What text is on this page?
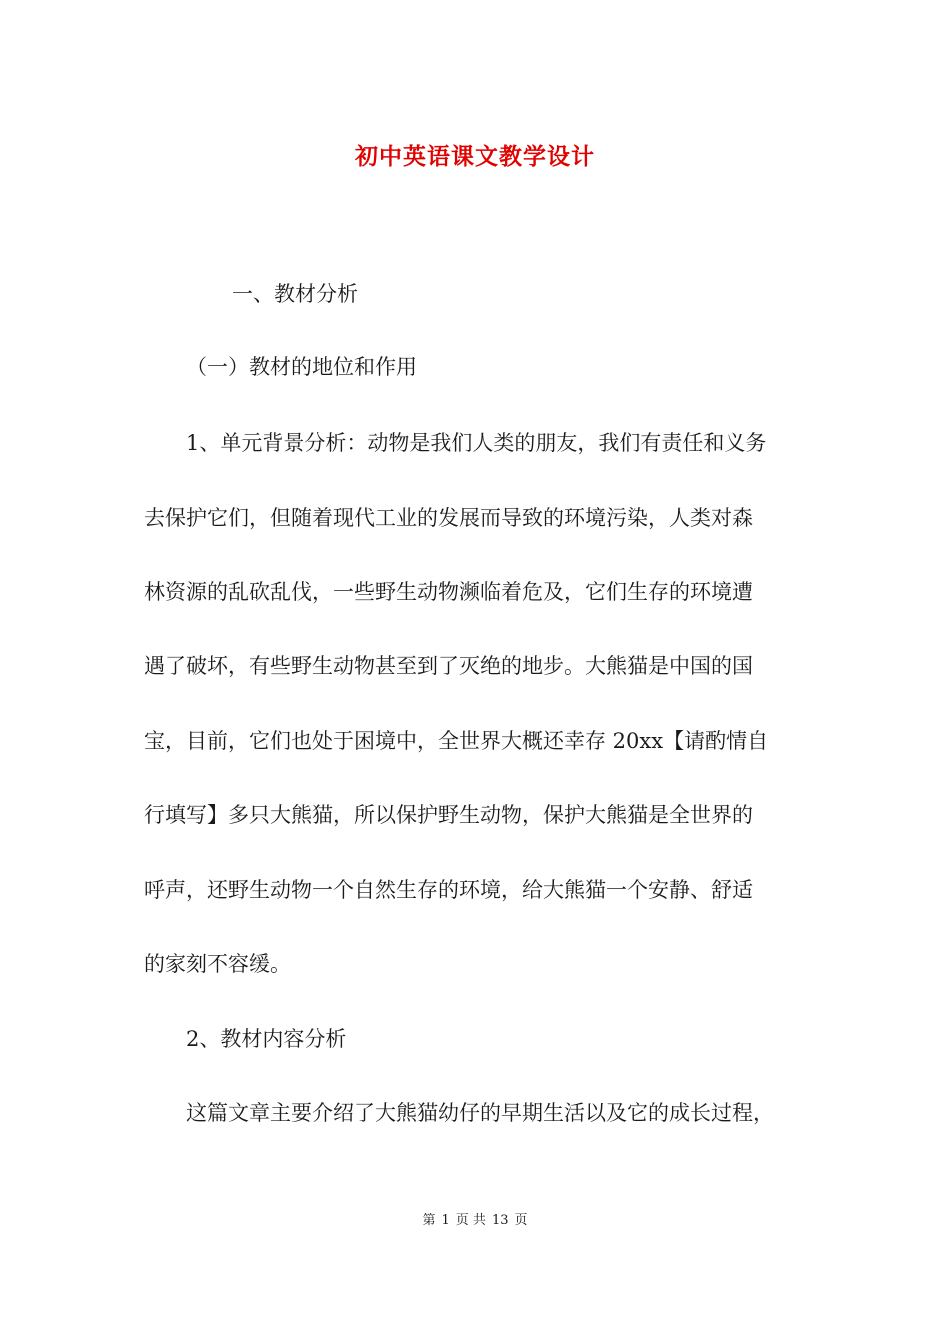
初中英语课文教学设计
一、教材分析
（一）教材的地位和作用
1、单元背景分析：动物是我们人类的朋友，我们有责任和义务
去保护它们，但随着现代工业的发展而导致的环境污染，人类对森
林资源的乱砍乱伐，一些野生动物濒临着危及，它们生存的环境遭
遇了破坏，有些野生动物甚至到了灭绝的地步。大熊猫是中国的国
宝，目前，它们也处于困境中，全世界大概还幸存 20xx【请酌情自
行填写】多只大熊猫，所以保护野生动物，保护大熊猫是全世界的
呼声，还野生动物一个自然生存的环境，给大熊猫一个安静、舒适
的家刻不容缓。
2、教材内容分析
这篇文章主要介绍了大熊猫幼仔的早期生活以及它的成长过程，
第 1 页 共 13 页
